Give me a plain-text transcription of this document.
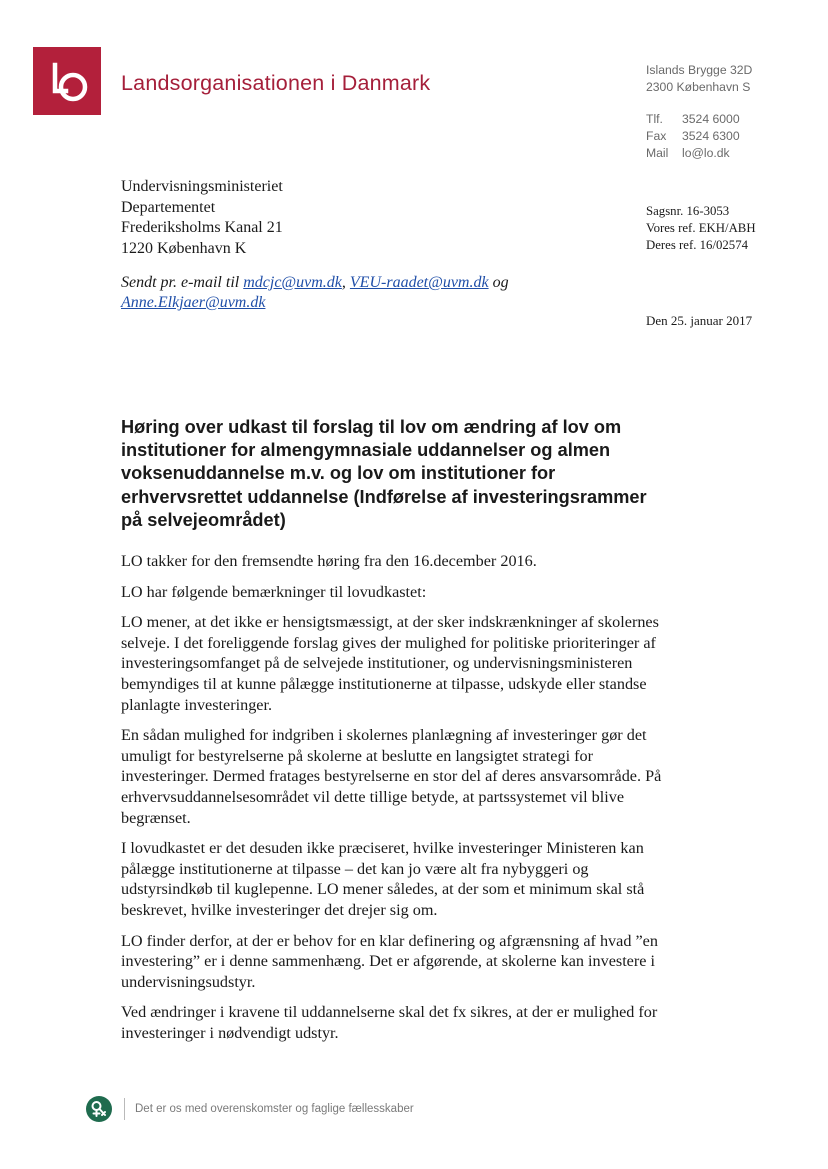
Landsorganisationen i Danmark
Islands Brygge 32D
2300 København S
Tlf. 3524 6000
Fax 3524 6300
Mail lo@lo.dk
Undervisningsministeriet
Departementet
Frederiksholms Kanal 21
1220 København K
Sagsnr. 16-3053
Vores ref. EKH/ABH
Deres ref. 16/02574
Sendt pr. e-mail til mdcjc@uvm.dk, VEU-raadet@uvm.dk og
Anne.Elkjaer@uvm.dk
Den 25. januar 2017
Høring over udkast til forslag til lov om ændring af lov om
institutioner for almengymnasiale uddannelser og almen
voksenuddannelse m.v. og lov om institutioner for
erhvervsrettet uddannelse (Indførelse af investeringsrammer
på selvejeområdet)

LO takker for den fremsendte høring fra den 16.december 2016.

LO har følgende bemærkninger til lovudkastet:

LO mener, at det ikke er hensigtsmæssigt, at der sker indskrænkninger af skolernes
selveje. I det foreliggende forslag gives der mulighed for politiske prioriteringer af
investeringsomfanget på de selvejede institutioner, og undervisningsministeren
bemyndiges til at kunne pålægge institutionerne at tilpasse, udskyde eller standse
planlagte investeringer.

En sådan mulighed for indgriben i skolernes planlægning af investeringer gør det
umuligt for bestyrelserne på skolerne at beslutte en langsigtet strategi for
investeringer. Dermed fratages bestyrelserne en stor del af deres ansvarsområde. På
erhvervsuddannelsesområdet vil dette tillige betyde, at partssystemet vil blive
begrænset.

I lovudkastet er det desuden ikke præciseret, hvilke investeringer Ministeren kan
pålægge institutionerne at tilpasse – det kan jo være alt fra nybyggeri og
udstyrsindkøb til kuglepenne. LO mener således, at der som et minimum skal stå
beskrevet, hvilke investeringer det drejer sig om.

LO finder derfor, at der er behov for en klar definering og afgrænsning af hvad ”en
investering” er i denne sammenhæng. Det er afgørende, at skolerne kan investere i
undervisningsudstyr.

Ved ændringer i kravene til uddannelserne skal det fx sikres, at der er mulighed for
investeringer i nødvendigt udstyr.

Det er os med overenskomster og faglige fællesskaber
